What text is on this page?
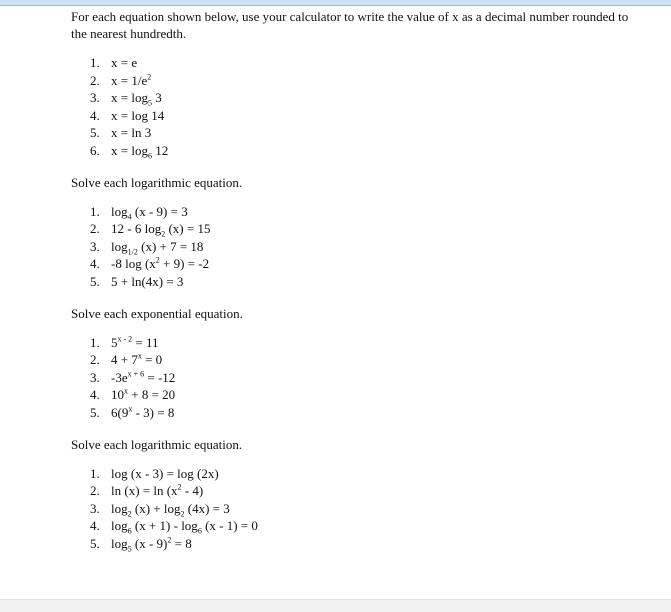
For each equation shown below, use your calculator to write the value of x as a decimal number rounded to the nearest hundredth.

1. x = e
2. $x = 1/e^2$
3. $x = \log_5 3$
4. x = log 14
5. x = ln 3
6. $x = \log_6 12$

Solve each logarithmic equation.

1. $\log_4 (x - 9) = 3$
2. 12 - 6 $\log_2 (x) = 15$
3. $\log_{1/2} (x) + 7 = 18$
4. -8 $\log (x^2 + 9) = -2$
5. 5 + ln(4x) = 3

Solve each exponential equation.

1. $5^{x - 2} = 11$
2. $4 + 7^x = 0$
3. $-3e^{x + 6} = -12$
4. $10^x + 8 = 20$
5. 6(9$^x$ - 3) = 8

Solve each logarithmic equation.

1. log (x - 3) = log (2x)
2. $\ln (x) = \ln (x^2 - 4)$
3. $\log_2 (x) + \log_2 (4x) = 3$
4. $\log_6 (x + 1) - \log_6 (x - 1) = 0$
5. $\log_5 (x - 9)^2 = 8$
